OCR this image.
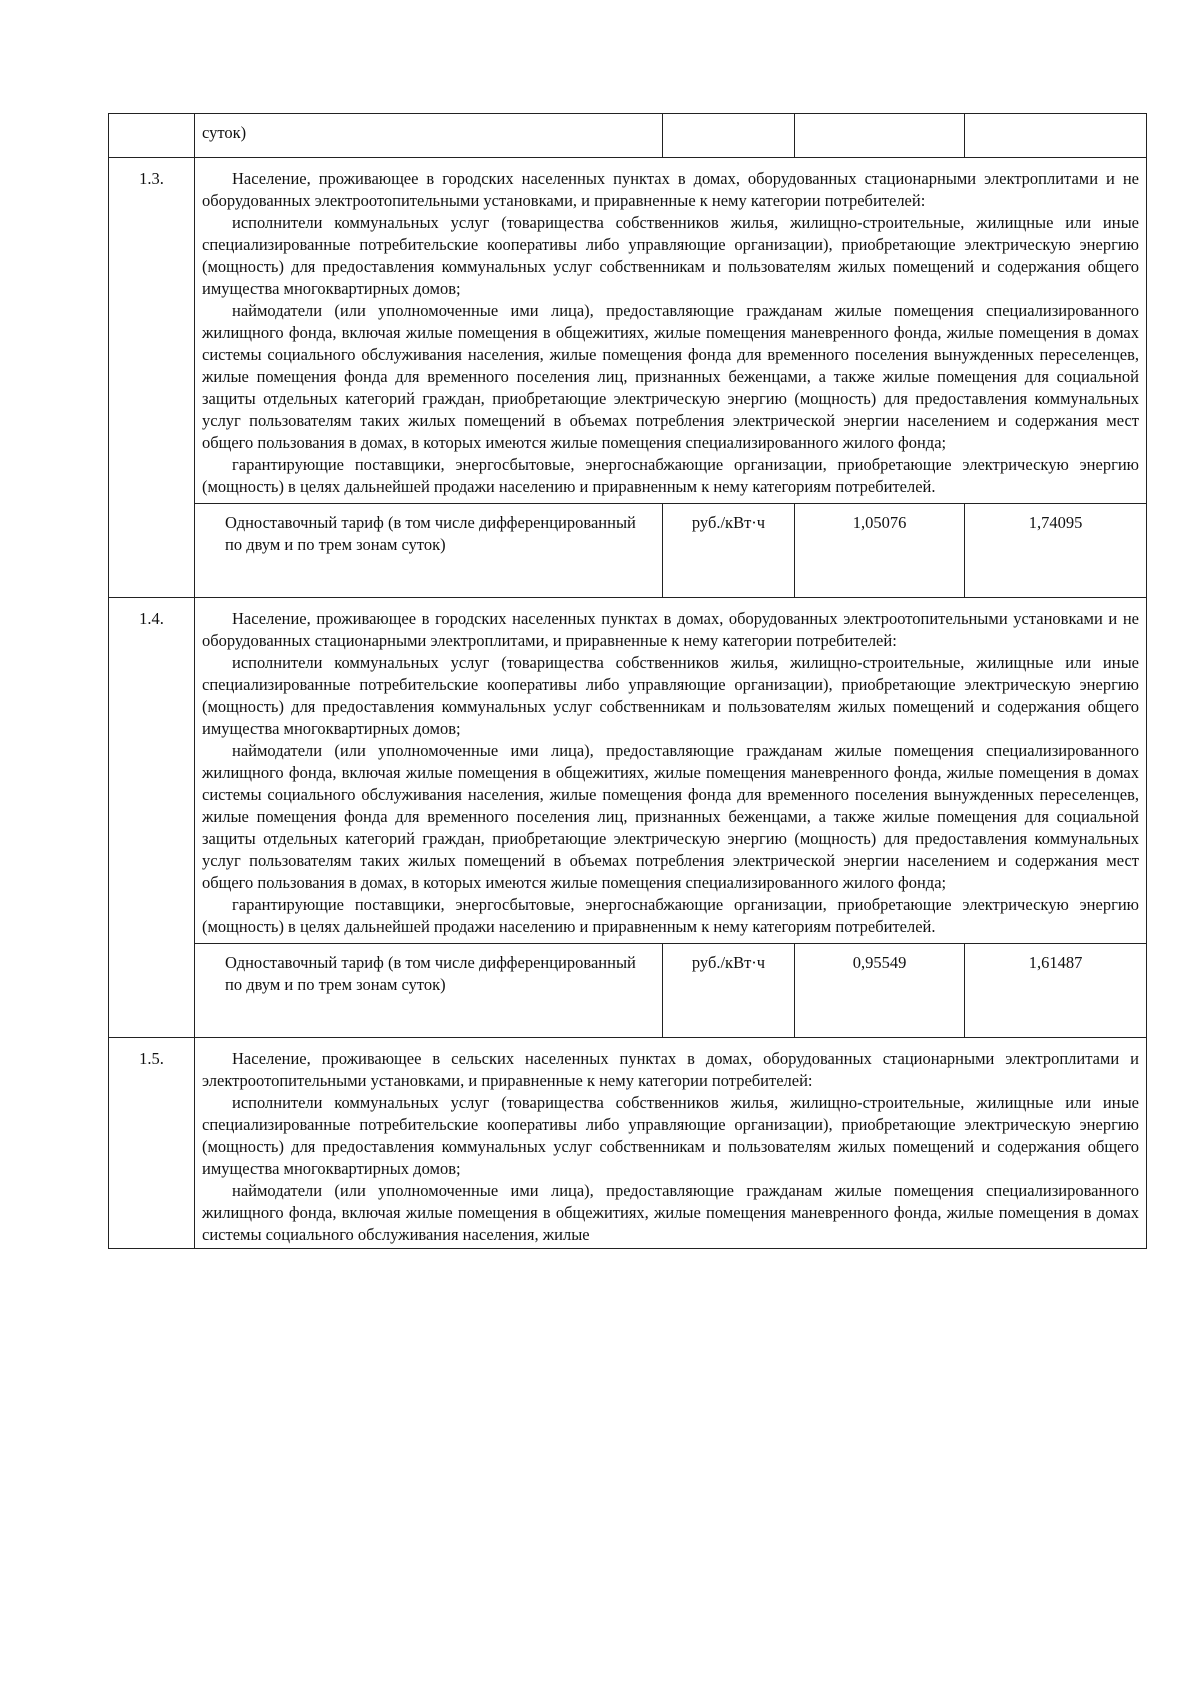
	суток)			
1.3.	Население, проживающее в городских населенных пунктах в домах, оборудованных стационарными электроплитами и не оборудованных электроотопительными установками, и приравненные к нему категории потребителей:

исполнители коммунальных услуг (товарищества собственников жилья, жилищно-строительные, жилищные или иные специализированные потребительские кооперативы либо управляющие организации), приобретающие электрическую энергию (мощность) для предоставления коммунальных услуг собственникам и пользователям жилых помещений и содержания общего имущества многоквартирных домов;

наймодатели (или уполномоченные ими лица), предоставляющие гражданам жилые помещения специализированного жилищного фонда, включая жилые помещения в общежитиях, жилые помещения маневренного фонда, жилые помещения в домах системы социального обслуживания населения, жилые помещения фонда для временного поселения вынужденных переселенцев, жилые помещения фонда для временного поселения лиц, признанных беженцами, а также жилые помещения для социальной защиты отдельных категорий граждан, приобретающие электрическую энергию (мощность) для предоставления коммунальных услуг пользователям таких жилых помещений в объемах потребления электрической энергии населением и содержания мест общего пользования в домах, в которых имеются жилые помещения специализированного жилого фонда;

гарантирующие поставщики, энергосбытовые, энергоснабжающие организации, приобретающие электрическую энергию (мощность) в целях дальнейшей продажи населению и приравненным к нему категориям потребителей.			

	Одноставочный тариф (в том числе дифференцированный по двум и по трем зонам суток)	руб./кВт·ч	1,05076	1,74095
1.4.	Население, проживающее в городских населенных пунктах в домах, оборудованных электроотопительными установками и не оборудованных стационарными электроплитами, и приравненные к нему категории потребителей:

исполнители коммунальных услуг (товарищества собственников жилья, жилищно-строительные, жилищные или иные специализированные потребительские кооперативы либо управляющие организации), приобретающие электрическую энергию (мощность) для предоставления коммунальных услуг собственникам и пользователям жилых помещений и содержания общего имущества многоквартирных домов;

наймодатели (или уполномоченные ими лица), предоставляющие гражданам жилые помещения специализированного жилищного фонда, включая жилые помещения в общежитиях, жилые помещения маневренного фонда, жилые помещения в домах системы социального обслуживания населения, жилые помещения фонда для временного поселения вынужденных переселенцев, жилые помещения фонда для временного поселения лиц, признанных беженцами, а также жилые помещения для социальной защиты отдельных категорий граждан, приобретающие электрическую энергию (мощность) для предоставления коммунальных услуг пользователям таких жилых помещений в объемах потребления электрической энергии населением и содержания мест общего пользования в домах, в которых имеются жилые помещения специализированного жилого фонда;

гарантирующие поставщики, энергосбытовые, энергоснабжающие организации, приобретающие электрическую энергию (мощность) в целях дальнейшей продажи населению и приравненным к нему категориям потребителей.			

	Одноставочный тариф (в том числе дифференцированный по двум и по трем зонам суток)	руб./кВт·ч	0,95549	1,61487
1.5.	Население, проживающее в сельских населенных пунктах в домах, оборудованных стационарными электроплитами и электроотопительными установками, и приравненные к нему категории потребителей:

исполнители коммунальных услуг (товарищества собственников жилья, жилищно-строительные, жилищные или иные специализированные потребительские кооперативы либо управляющие организации), приобретающие электрическую энергию (мощность) для предоставления коммунальных услуг собственникам и пользователям жилых помещений и содержания общего имущества многоквартирных домов;

наймодатели (или уполномоченные ими лица), предоставляющие гражданам жилые помещения специализированного жилищного фонда, включая жилые помещения в общежитиях, жилые помещения маневренного фонда, жилые помещения в домах системы социального обслуживания населения, жилые			
